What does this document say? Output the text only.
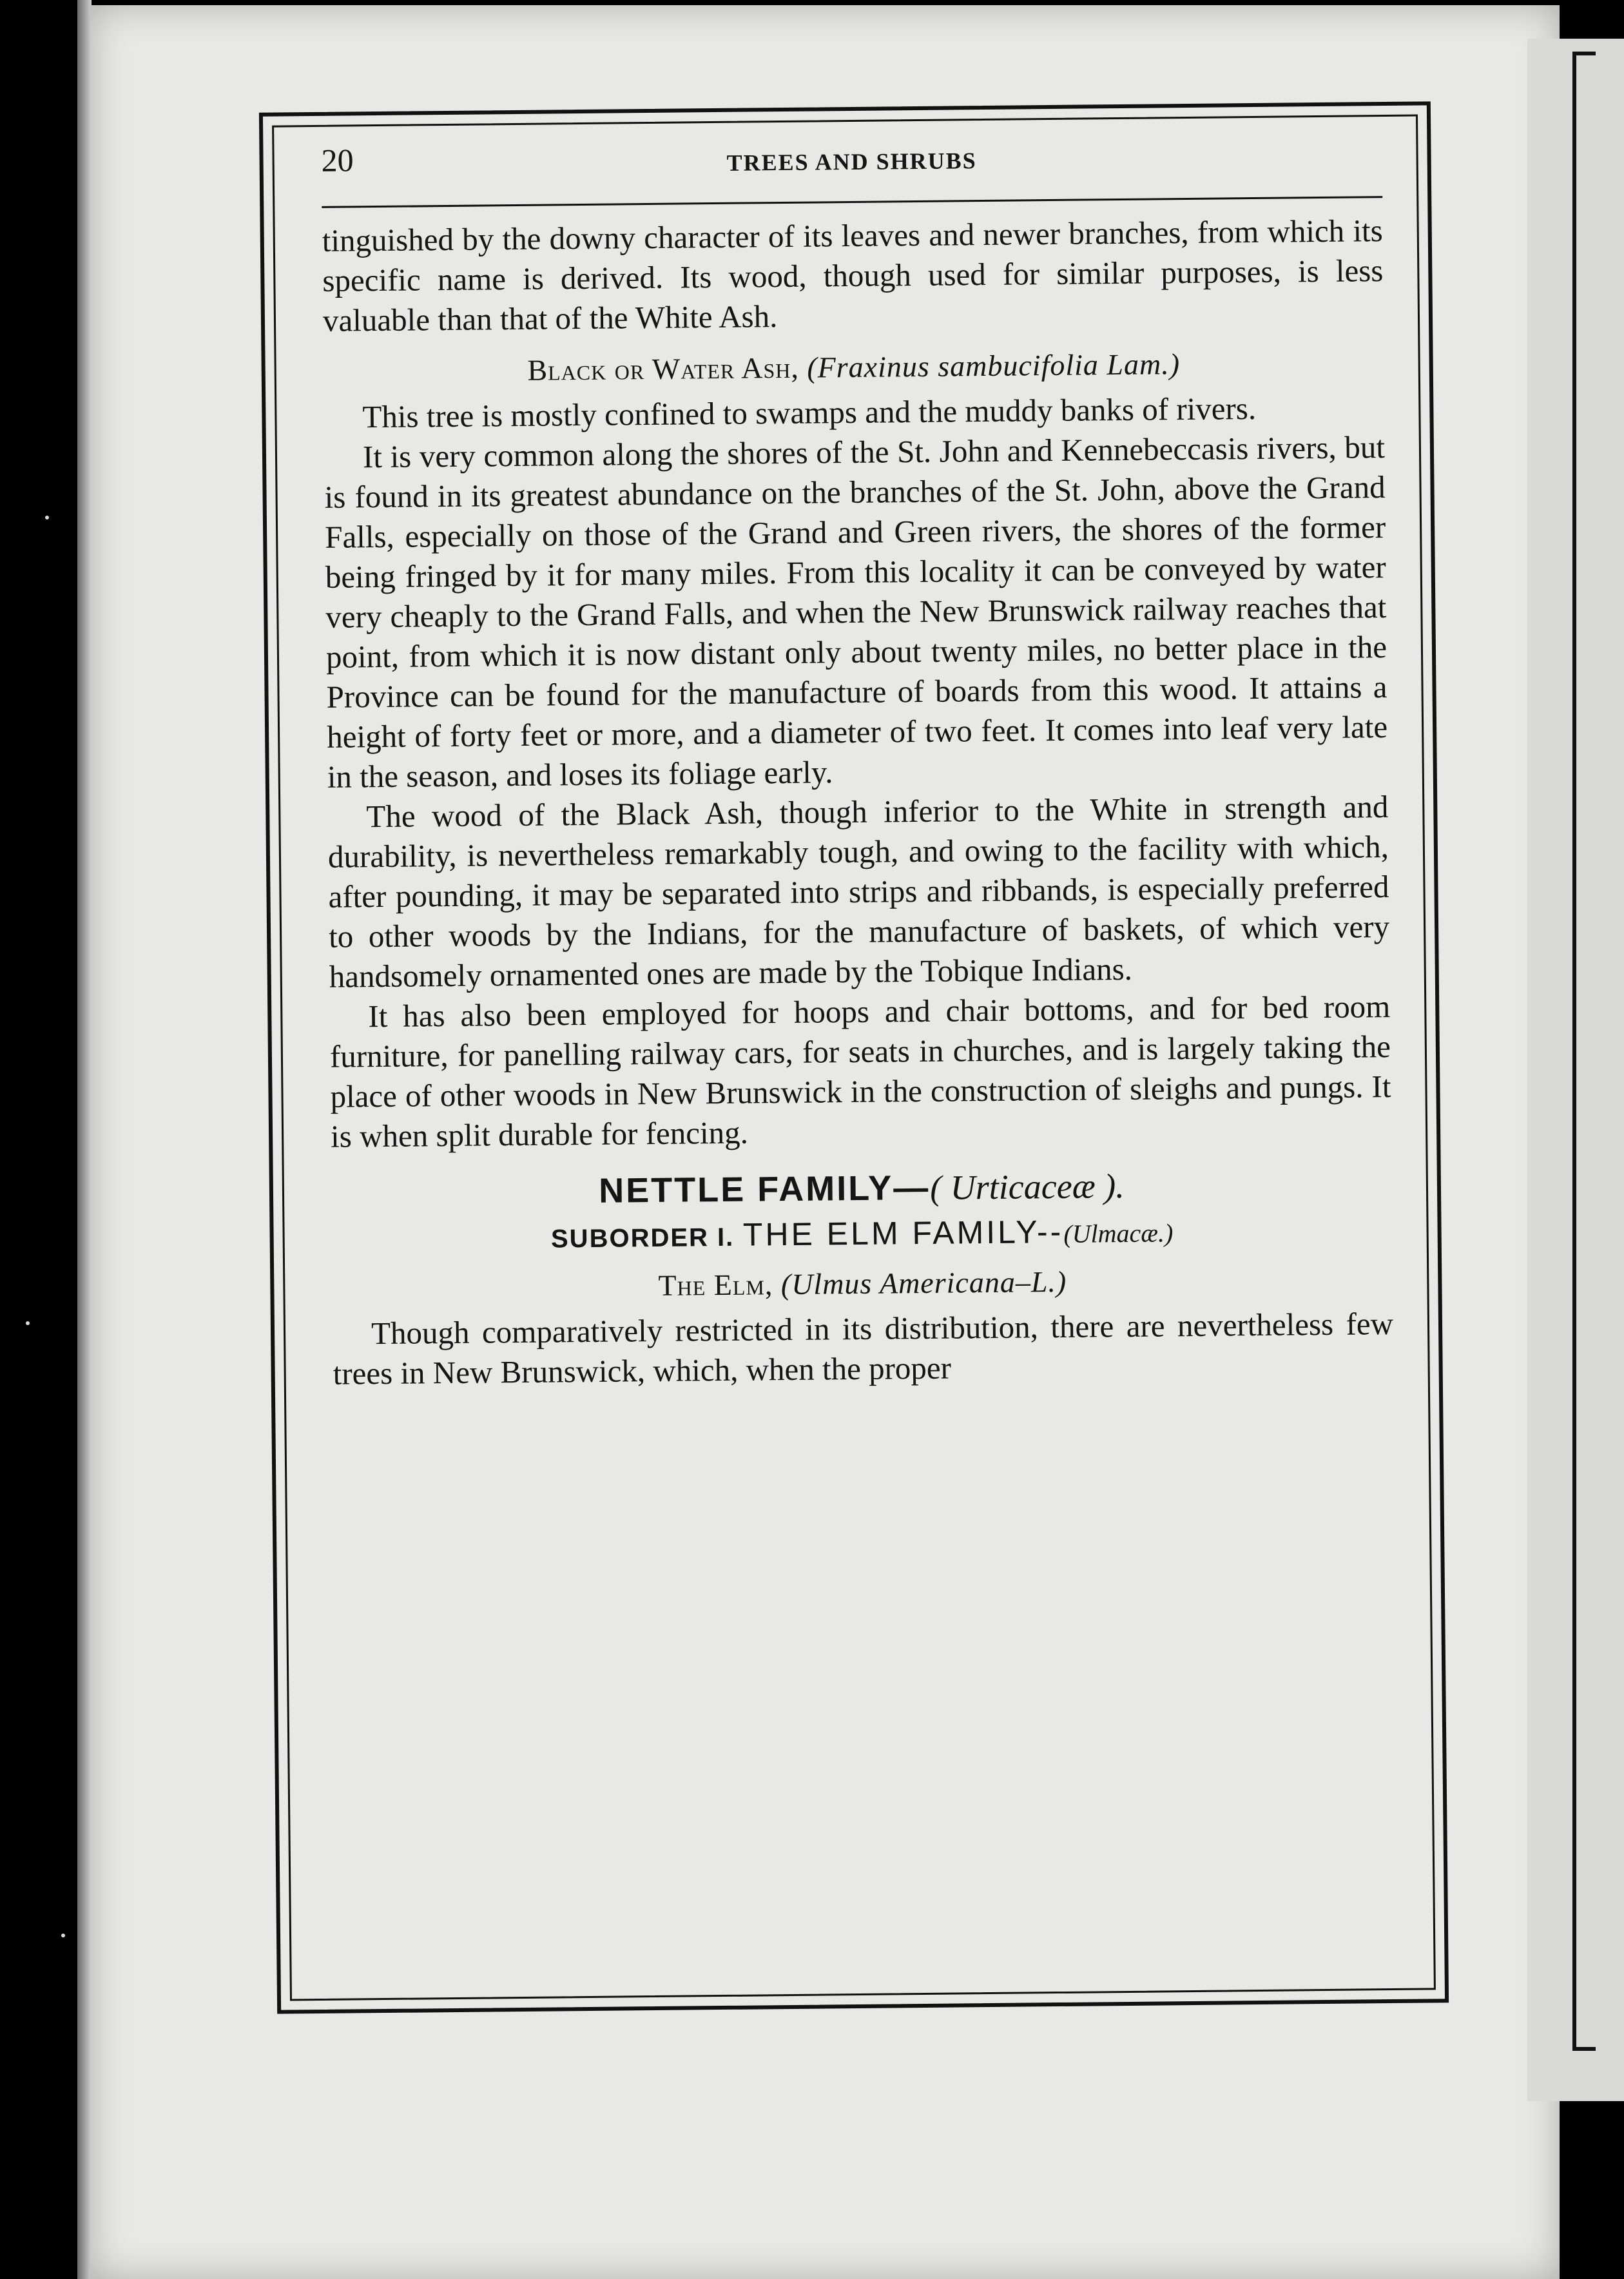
20	TREES AND SHRUBS

tinguished by the downy character of its leaves and newer branches, from which its specific name is derived. Its wood, though used for similar purposes, is less valuable than that of the White Ash.

Black or Water Ash, (Fraxinus sambucifolia Lam.)

This tree is mostly confined to swamps and the muddy banks of rivers.

It is very common along the shores of the St. John and Kennebeccasis rivers, but is found in its greatest abundance on the branches of the St. John, above the Grand Falls, especially on those of the Grand and Green rivers, the shores of the former being fringed by it for many miles. From this locality it can be conveyed by water very cheaply to the Grand Falls, and when the New Brunswick railway reaches that point, from which it is now distant only about twenty miles, no better place in the Province can be found for the manufacture of boards from this wood. It attains a height of forty feet or more, and a diameter of two feet. It comes into leaf very late in the season, and loses its foliage early.

The wood of the Black Ash, though inferior to the White in strength and durability, is nevertheless remarkably tough, and owing to the facility with which, after pounding, it may be separated into strips and ribbands, is especially preferred to other woods by the Indians, for the manufacture of baskets, of which very handsomely ornamented ones are made by the Tobique Indians.

It has also been employed for hoops and chair bottoms, and for bed room furniture, for panelling railway cars, for seats in churches, and is largely taking the place of other woods in New Brunswick in the construction of sleighs and pungs. It is when split durable for fencing.

NETTLE FAMILY—( Urticaceæ ).

SUBORDER I. THE ELM FAMILY--(Ulmacæ.)

The Elm, (Ulmus Americana–L.)

Though comparatively restricted in its distribution, there are nevertheless few trees in New Brunswick, which, when the proper
